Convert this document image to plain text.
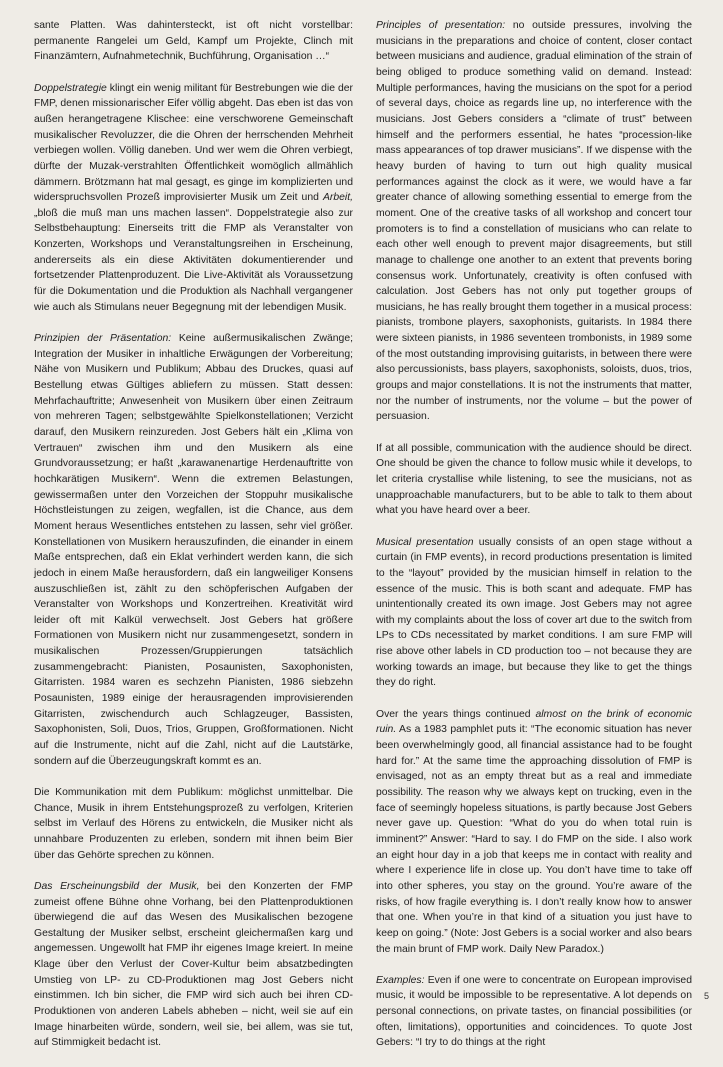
sante Platten. Was dahintersteckt, ist oft nicht vorstellbar: permanente Rangelei um Geld, Kampf um Projekte, Clinch mit Finanzämtern, Aufnahmetechnik, Buchführung, Organisation …“

Doppelstrategie klingt ein wenig militant für Bestrebungen wie die der FMP, denen missionarischer Eifer völlig abgeht. Das eben ist das von außen herangetragene Klischee: eine verschworene Gemeinschaft musikalischer Revoluzzer, die die Ohren der herrschenden Mehrheit verbiegen wollen. Völlig daneben. Und wer wem die Ohren verbiegt, dürfte der Muzak-verstrahlten Öffentlichkeit womöglich allmählich dämmern. Brötzmann hat mal gesagt, es ginge im komplizierten und widerspruchsvollen Prozeß improvisierter Musik um Zeit und Arbeit, „bloß die muß man uns machen lassen“. Doppelstrategie also zur Selbstbehauptung: Einerseits tritt die FMP als Veranstalter von Konzerten, Workshops und Veranstaltungsreihen in Erscheinung, andererseits als ein diese Aktivitäten dokumentierender und fortsetzender Plattenproduzent. Die Live-Aktivität als Voraussetzung für die Dokumentation und die Produktion als Nachhall vergangener wie auch als Stimulans neuer Begegnung mit der lebendigen Musik.

Prinzipien der Präsentation: Keine außermusikalischen Zwänge; Integration der Musiker in inhaltliche Erwägungen der Vorbereitung; Nähe von Musikern und Publikum; Abbau des Druckes, quasi auf Bestellung etwas Gültiges abliefern zu müssen. Statt dessen: Mehrfachauftritte; Anwesenheit von Musikern über einen Zeitraum von mehreren Tagen; selbstgewählte Spielkonstellationen; Verzicht darauf, den Musikern reinzureden. Jost Gebers hält ein „Klima von Vertrauen“ zwischen ihm und den Musikern als eine Grundvoraussetzung; er haßt „karawanenartige Herdenauftritte von hochkarätigen Musikern“. Wenn die extremen Belastungen, gewissermaßen unter den Vorzeichen der Stoppuhr musikalische Höchstleistungen zu zeigen, wegfallen, ist die Chance, aus dem Moment heraus Wesentliches entstehen zu lassen, sehr viel größer. Konstellationen von Musikern herauszufinden, die einander in einem Maße entsprechen, daß ein Eklat verhindert werden kann, die sich jedoch in einem Maße herausfordern, daß ein langweiliger Konsens auszuschließen ist, zählt zu den schöpferischen Aufgaben der Veranstalter von Workshops und Konzertreihen. Kreativität wird leider oft mit Kalkül verwechselt. Jost Gebers hat größere Formationen von Musikern nicht nur zusammengesetzt, sondern in musikalischen Prozessen/Gruppierungen tatsächlich zusammengebracht: Pianisten, Posaunisten, Saxophonisten, Gitarristen. 1984 waren es sechzehn Pianisten, 1986 siebzehn Posaunisten, 1989 einige der herausragenden improvisierenden Gitarristen, zwischendurch auch Schlagzeuger, Bassisten, Saxophonisten, Soli, Duos, Trios, Gruppen, Großformationen. Nicht auf die Instrumente, nicht auf die Zahl, nicht auf die Lautstärke, sondern auf die Überzeugungskraft kommt es an.

Die Kommunikation mit dem Publikum: möglichst unmittelbar. Die Chance, Musik in ihrem Entstehungsprozeß zu verfolgen, Kriterien selbst im Verlauf des Hörens zu entwickeln, die Musiker nicht als unnahbare Produzenten zu erleben, sondern mit ihnen beim Bier über das Gehörte sprechen zu können.

Das Erscheinungsbild der Musik, bei den Konzerten der FMP zumeist offene Bühne ohne Vorhang, bei den Plattenproduktionen überwiegend die auf das Wesen des Musikalischen bezogene Gestaltung der Musiker selbst, erscheint gleichermaßen karg und angemessen. Ungewollt hat FMP ihr eigenes Image kreiert. In meine Klage über den Verlust der Cover-Kultur beim absatzbedingten Umstieg von LP- zu CD-Produktionen mag Jost Gebers nicht einstimmen. Ich bin sicher, die FMP wird sich auch bei ihren CD-Produktionen von anderen Labels abheben – nicht, weil sie auf ein Image hinarbeiten würde, sondern, weil sie, bei allem, was sie tut, auf Stimmigkeit bedacht ist.

Principles of presentation: no outside pressures, involving the musicians in the preparations and choice of content, closer contact between musicians and audience, gradual elimination of the strain of being obliged to produce something valid on demand. Instead: Multiple performances, having the musicians on the spot for a period of several days, choice as regards line up, no interference with the musicians. Jost Gebers considers a “climate of trust” between himself and the performers essential, he hates “procession-like mass appearances of top drawer musicians”. If we dispense with the heavy burden of having to turn out high quality musical performances against the clock as it were, we would have a far greater chance of allowing something essential to emerge from the moment. One of the creative tasks of all workshop and concert tour promoters is to find a constellation of musicians who can relate to each other well enough to prevent major disagreements, but still manage to challenge one another to an extent that prevents boring consensus work. Unfortunately, creativity is often confused with calculation. Jost Gebers has not only put together groups of musicians, he has really brought them together in a musical process: pianists, trombone players, saxophonists, guitarists. In 1984 there were sixteen pianists, in 1986 seventeen trombonists, in 1989 some of the most outstanding improvising guitarists, in between there were also percussionists, bass players, saxophonists, soloists, duos, trios, groups and major constellations. It is not the instruments that matter, nor the number of instruments, nor the volume – but the power of persuasion.

If at all possible, communication with the audience should be direct. One should be given the chance to follow music while it develops, to let criteria crystallise while listening, to see the musicians, not as unapproachable manufacturers, but to be able to talk to them about what you have heard over a beer.

Musical presentation usually consists of an open stage without a curtain (in FMP events), in record productions presentation is limited to the “layout” provided by the musician himself in relation to the essence of the music. This is both scant and adequate. FMP has unintentionally created its own image. Jost Gebers may not agree with my complaints about the loss of cover art due to the switch from LPs to CDs necessitated by market conditions. I am sure FMP will rise above other labels in CD production too – not because they are working towards an image, but because they like to get the things they do right.

Over the years things continued almost on the brink of economic ruin. As a 1983 pamphlet puts it: “The economic situation has never been overwhelmingly good, all financial assistance had to be fought hard for.” At the same time the approaching dissolution of FMP is envisaged, not as an empty threat but as a real and immediate possibility. The reason why we always kept on trucking, even in the face of seemingly hopeless situations, is partly because Jost Gebers never gave up. Question: “What do you do when total ruin is imminent?” Answer: “Hard to say. I do FMP on the side. I also work an eight hour day in a job that keeps me in contact with reality and where I experience life in close up. You don’t have time to take off into other spheres, you stay on the ground. You’re aware of the risks, of how fragile everything is. I don’t really know how to answer that one. When you’re in that kind of a situation you just have to keep on going.” (Note: Jost Gebers is a social worker and also bears the main brunt of FMP work. Daily New Paradox.)

Examples: Even if one were to concentrate on European improvised music, it would be impossible to be representative. A lot depends on personal connections, on private tastes, on financial possibilities (or often, limitations), opportunities and coincidences. To quote Jost Gebers: “I try to do things at the right

5
